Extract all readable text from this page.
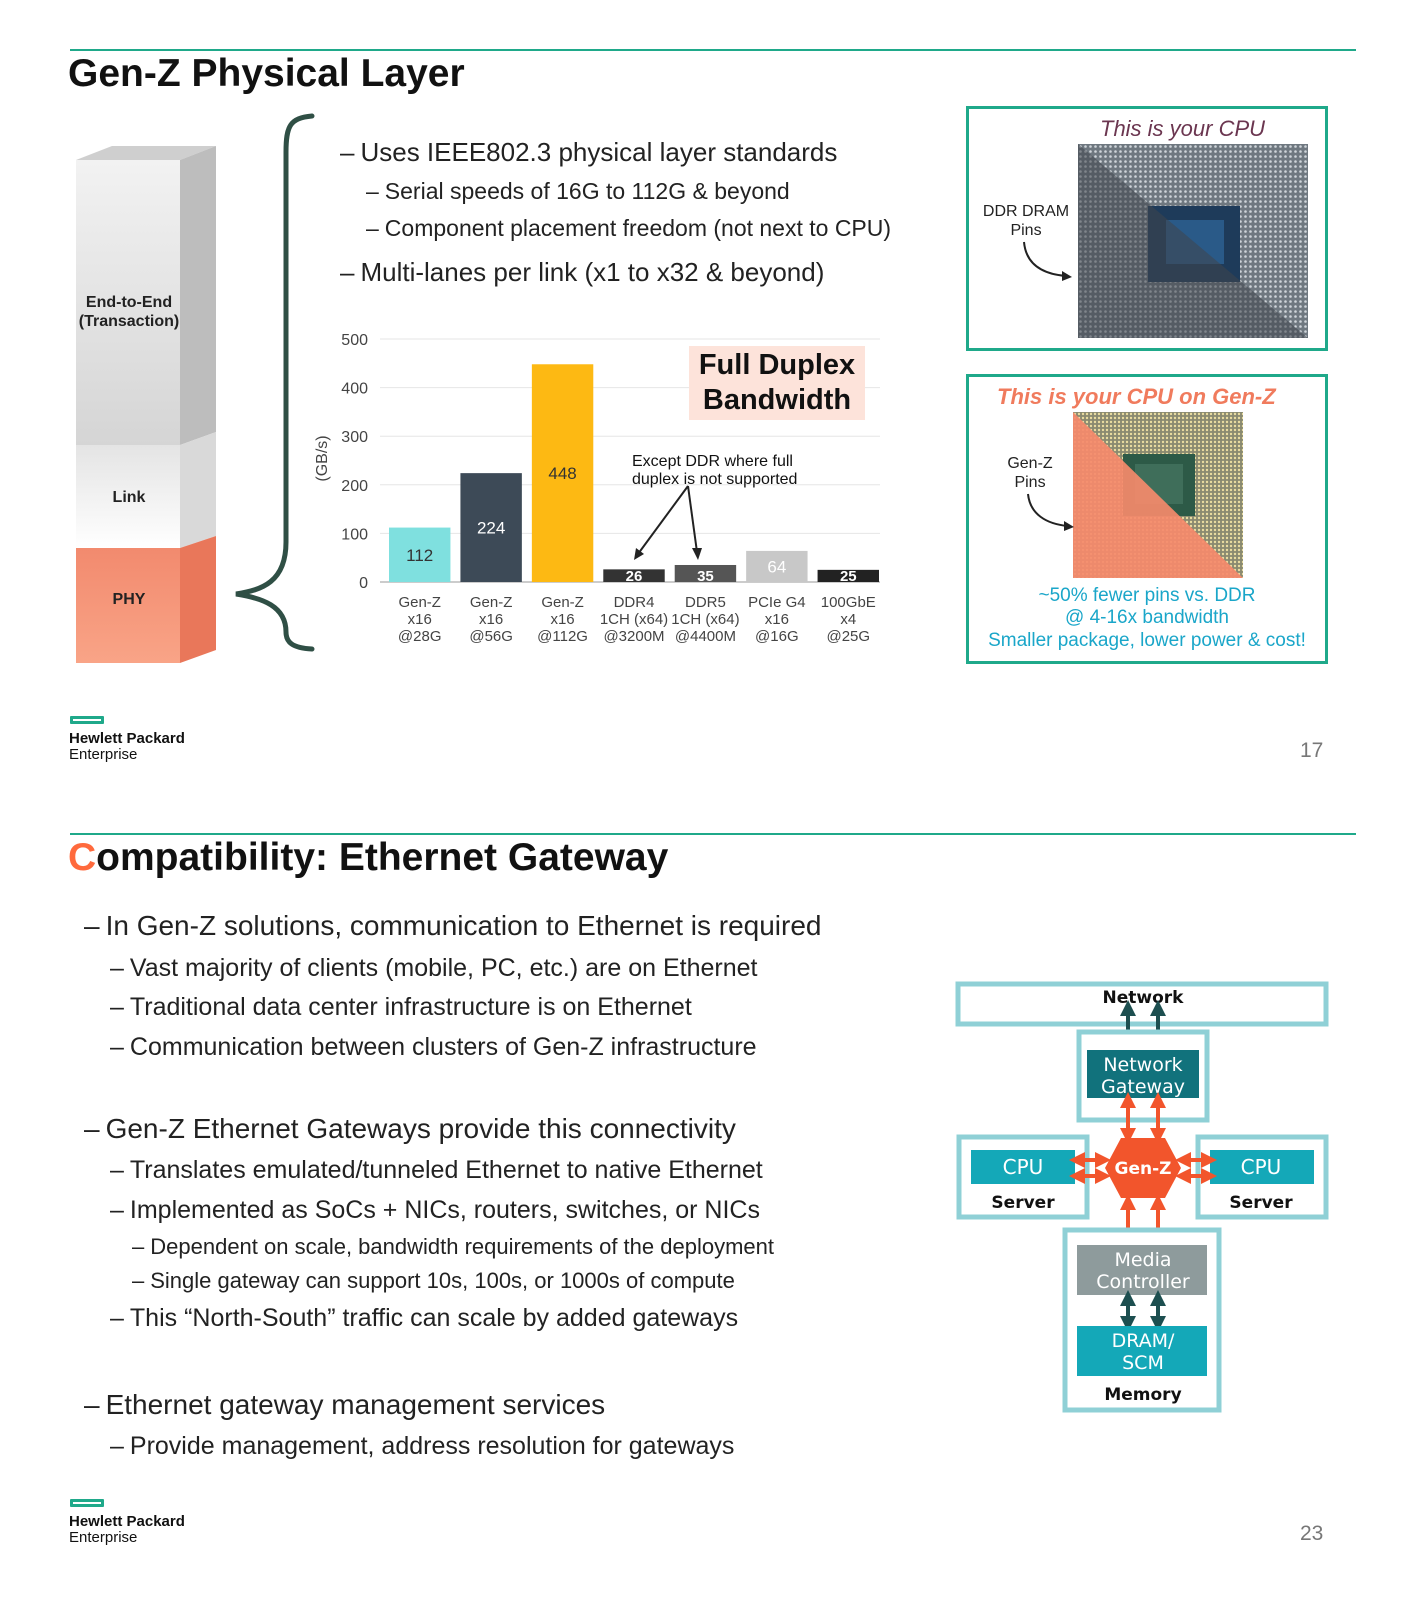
Gen-Z Physical Layer
End-to-End (Transaction)
Link
PHY
– Uses IEEE802.3 physical layer standards
– Serial speeds of 16G to 112G & beyond
– Component placement freedom (not next to CPU)
– Multi-lanes per link (x1 to x32 & beyond)
0
100
200
300
400
500
(GB/s)
112
Gen-Z
x16
@28G
224
Gen-Z
x16
@56G
448
Gen-Z
x16
@112G
26
DDR4
1CH (x64)
@3200M
35
DDR5
1CH (x64)
@4400M
64
PCIe G4
x16
@16G
25
100GbE
x4
@25G
Full Duplex Bandwidth
Except DDR where full duplex is not supported
This is your CPU
DDR DRAM Pins
This is your CPU on Gen-Z
Gen-Z Pins
~50% fewer pins vs. DDR
@ 4-16x bandwidth
Smaller package, lower power & cost!
Hewlett Packard
Enterprise	17
Compatibility: Ethernet Gateway
– In Gen-Z solutions, communication to Ethernet is required
– Vast majority of clients (mobile, PC, etc.) are on Ethernet
– Traditional data center infrastructure is on Ethernet
– Communication between clusters of Gen-Z infrastructure
– Gen-Z Ethernet Gateways provide this connectivity
– Translates emulated/tunneled Ethernet to native Ethernet
– Implemented as SoCs + NICs, routers, switches, or NICs
– Dependent on scale, bandwidth requirements of the deployment
– Single gateway can support 10s, 100s, or 1000s of compute
– This “North-South” traffic can scale by added gateways
– Ethernet gateway management services
– Provide management, address resolution for gateways
Network
Network
Gateway
CPU
Server
CPU
Server
Gen-Z
Media
Controller
DRAM/
SCM
Memory
Hewlett Packard
Enterprise	23
